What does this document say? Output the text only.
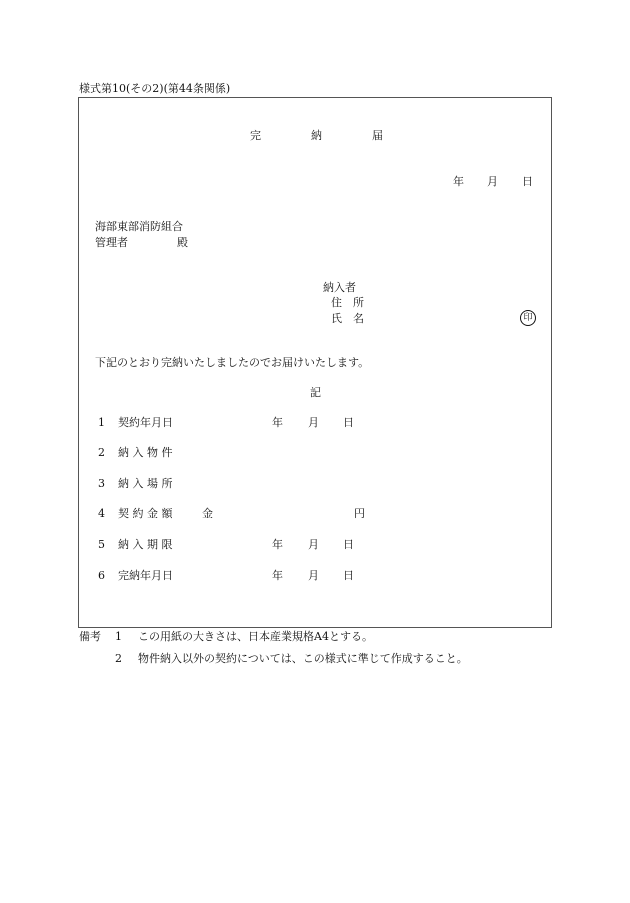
様式第10(その2)(第44条関係)
完	納	届
年 月 日
海部東部消防組合
管理者	殿
納入者
住 所
氏 名	印
下記のとおり完納いたしましたのでお届けいたします。
記
1 契約年月日	年 月 日
2 納 入 物 件
3 納 入 場 所
4 契 約 金 額	金	円
5 納 入 期 限	年 月 日
6 完納年月日	年 月 日
備考 1 この用紙の大きさは、日本産業規格A4とする。
2 物件納入以外の契約については、この様式に準じて作成すること。
